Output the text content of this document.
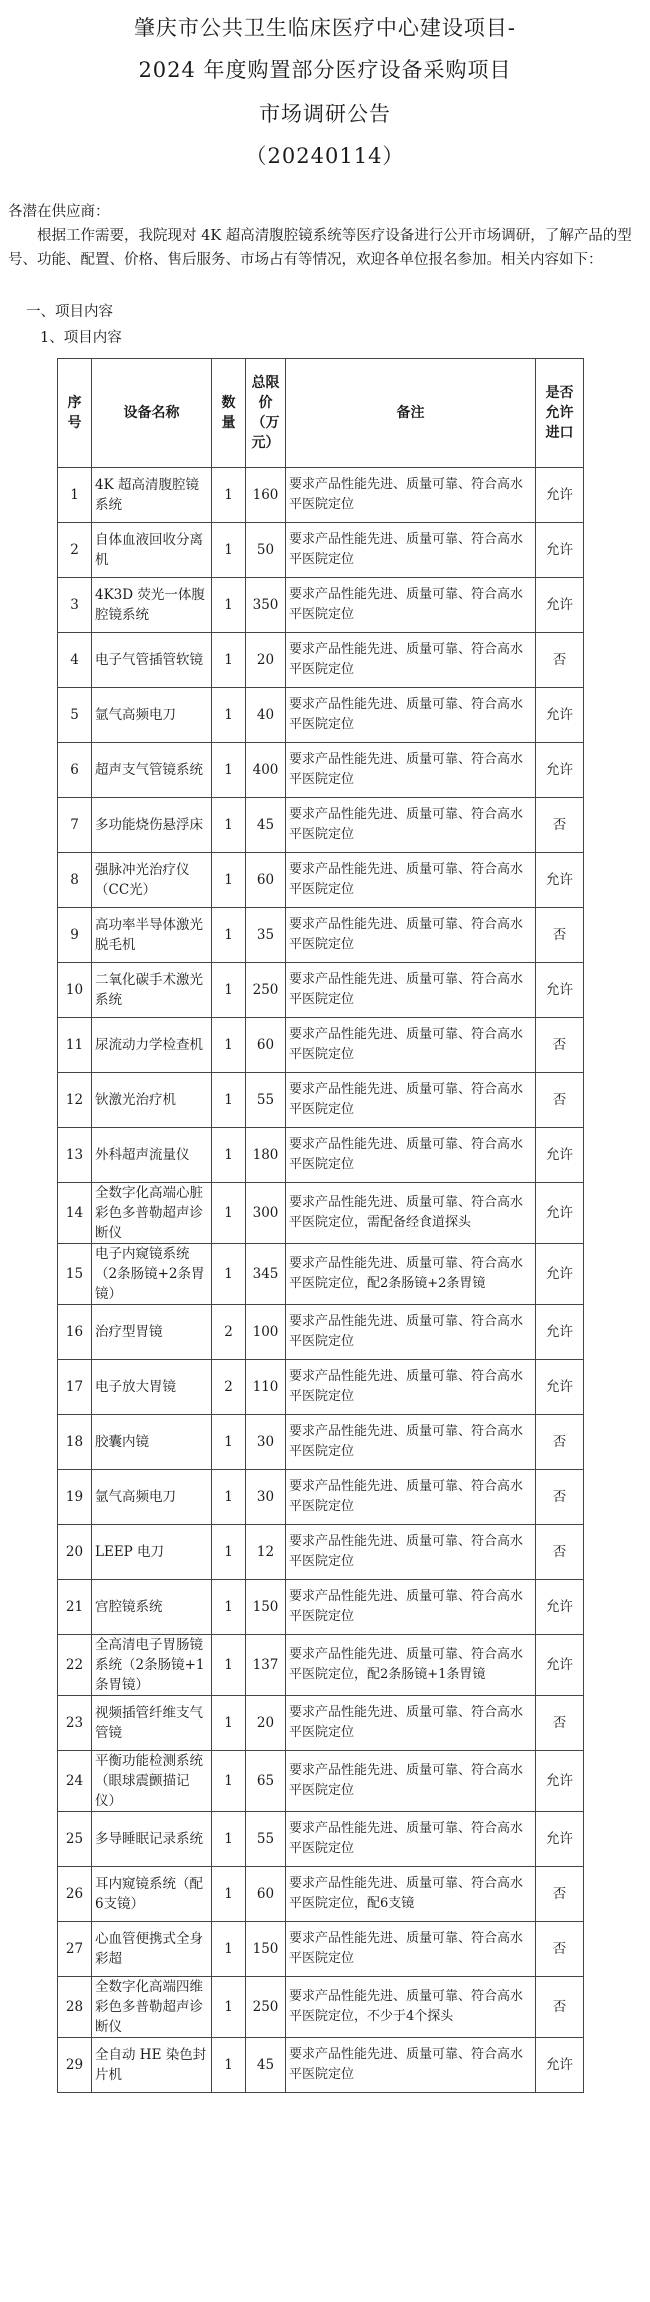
肇庆市公共卫生临床医疗中心建设项目-
2024 年度购置部分医疗设备采购项目
市场调研公告
（20240114）
各潜在供应商：
根据工作需要，我院现对 4K 超高清腹腔镜系统等医疗设备进行公开市场调研，了解产品的型号、功能、配置、价格、售后服务、市场占有等情况，欢迎各单位报名参加。相关内容如下：
一、项目内容
1、项目内容
序号	设备名称	数量	总限价（万元）	备注	是否允许进口
1	4K 超高清腹腔镜系统	1	160	要求产品性能先进、质量可靠、符合高水平医院定位	允许
2	自体血液回收分离机	1	50	要求产品性能先进、质量可靠、符合高水平医院定位	允许
3	4K3D 荧光一体腹腔镜系统	1	350	要求产品性能先进、质量可靠、符合高水平医院定位	允许
4	电子气管插管软镜	1	20	要求产品性能先进、质量可靠、符合高水平医院定位	否
5	氩气高频电刀	1	40	要求产品性能先进、质量可靠、符合高水平医院定位	允许
6	超声支气管镜系统	1	400	要求产品性能先进、质量可靠、符合高水平医院定位	允许
7	多功能烧伤悬浮床	1	45	要求产品性能先进、质量可靠、符合高水平医院定位	否
8	强脉冲光治疗仪（CC光）	1	60	要求产品性能先进、质量可靠、符合高水平医院定位	允许
9	高功率半导体激光脱毛机	1	35	要求产品性能先进、质量可靠、符合高水平医院定位	否
10	二氧化碳手术激光系统	1	250	要求产品性能先进、质量可靠、符合高水平医院定位	允许
11	尿流动力学检查机	1	60	要求产品性能先进、质量可靠、符合高水平医院定位	否
12	钬激光治疗机	1	55	要求产品性能先进、质量可靠、符合高水平医院定位	否
13	外科超声流量仪	1	180	要求产品性能先进、质量可靠、符合高水平医院定位	允许
14	全数字化高端心脏彩色多普勒超声诊断仪	1	300	要求产品性能先进、质量可靠、符合高水平医院定位，需配备经食道探头	允许
15	电子内窥镜系统（2条肠镜+2条胃镜）	1	345	要求产品性能先进、质量可靠、符合高水平医院定位，配2条肠镜+2条胃镜	允许
16	治疗型胃镜	2	100	要求产品性能先进、质量可靠、符合高水平医院定位	允许
17	电子放大胃镜	2	110	要求产品性能先进、质量可靠、符合高水平医院定位	允许
18	胶囊内镜	1	30	要求产品性能先进、质量可靠、符合高水平医院定位	否
19	氩气高频电刀	1	30	要求产品性能先进、质量可靠、符合高水平医院定位	否
20	LEEP 电刀	1	12	要求产品性能先进、质量可靠、符合高水平医院定位	否
21	宫腔镜系统	1	150	要求产品性能先进、质量可靠、符合高水平医院定位	允许
22	全高清电子胃肠镜系统（2条肠镜+1条胃镜）	1	137	要求产品性能先进、质量可靠、符合高水平医院定位，配2条肠镜+1条胃镜	允许
23	视频插管纤维支气管镜	1	20	要求产品性能先进、质量可靠、符合高水平医院定位	否
24	平衡功能检测系统（眼球震颤描记仪）	1	65	要求产品性能先进、质量可靠、符合高水平医院定位	允许
25	多导睡眠记录系统	1	55	要求产品性能先进、质量可靠、符合高水平医院定位	允许
26	耳内窥镜系统（配6支镜）	1	60	要求产品性能先进、质量可靠、符合高水平医院定位，配6支镜	否
27	心血管便携式全身彩超	1	150	要求产品性能先进、质量可靠、符合高水平医院定位	否
28	全数字化高端四维彩色多普勒超声诊断仪	1	250	要求产品性能先进、质量可靠、符合高水平医院定位，不少于4个探头	否
29	全自动 HE 染色封片机	1	45	要求产品性能先进、质量可靠、符合高水平医院定位	允许
